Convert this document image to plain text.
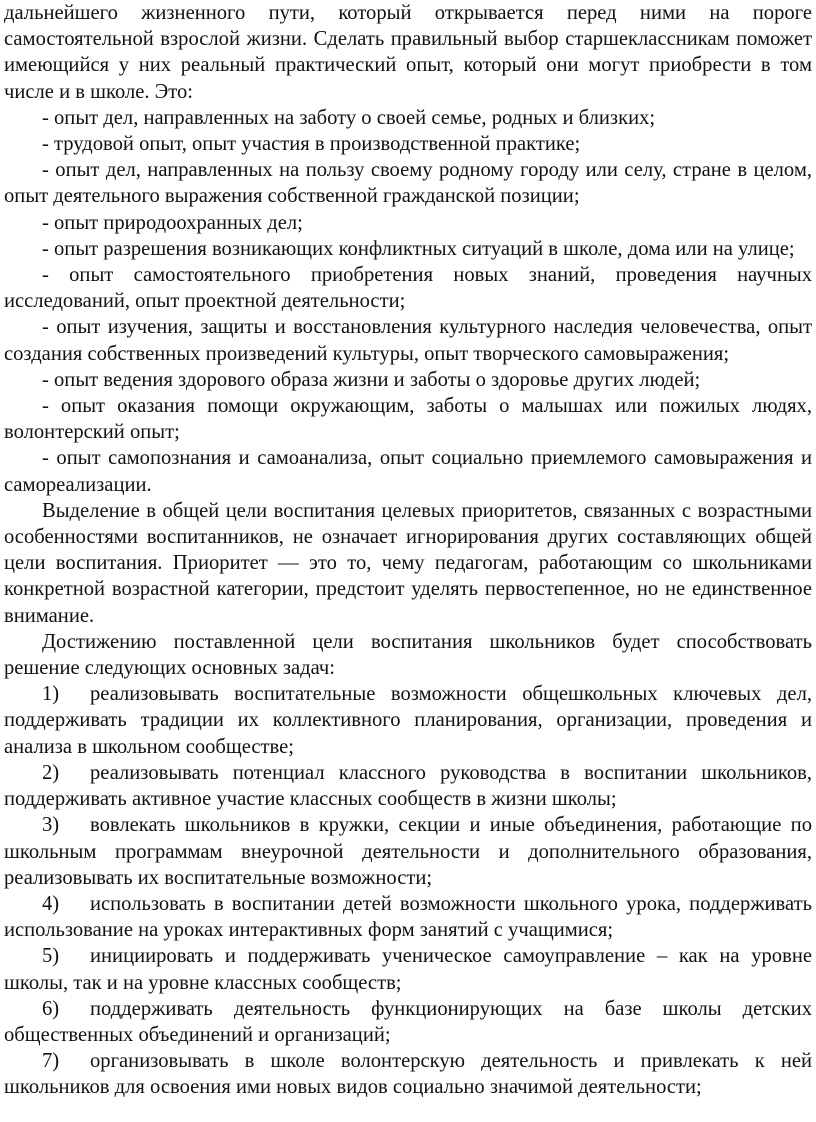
дальнейшего жизненного пути, который открывается перед ними на пороге самостоятельной взрослой жизни. Сделать правильный выбор старшеклассникам поможет имеющийся у них реальный практический опыт, который они могут приобрести в том числе и в школе. Это:

- опыт дел, направленных на заботу о своей семье, родных и близких;

- трудовой опыт, опыт участия в производственной практике;

- опыт дел, направленных на пользу своему родному городу или селу, стране в целом, опыт деятельного выражения собственной гражданской позиции;

- опыт природоохранных дел;

- опыт разрешения возникающих конфликтных ситуаций в школе, дома или на улице;

- опыт самостоятельного приобретения новых знаний, проведения научных исследований, опыт проектной деятельности;

- опыт изучения, защиты и восстановления культурного наследия человечества, опыт создания собственных произведений культуры, опыт творческого самовыражения;

- опыт ведения здорового образа жизни и заботы о здоровье других людей;

- опыт оказания помощи окружающим, заботы о малышах или пожилых людях, волонтерский опыт;

- опыт самопознания и самоанализа, опыт социально приемлемого самовыражения и самореализации.

Выделение в общей цели воспитания целевых приоритетов, связанных с возрастными особенностями воспитанников, не означает игнорирования других составляющих общей цели воспитания. Приоритет — это то, чему педагогам, работающим со школьниками конкретной возрастной категории, предстоит уделять первостепенное, но не единственное внимание.

Достижению поставленной цели воспитания школьников будет способствовать решение следующих основных задач:

1) реализовывать воспитательные возможности общешкольных ключевых дел, поддерживать традиции их коллективного планирования, организации, проведения и анализа в школьном сообществе;

2) реализовывать потенциал классного руководства в воспитании школьников, поддерживать активное участие классных сообществ в жизни школы;

3) вовлекать школьников в кружки, секции и иные объединения, работающие по школьным программам внеурочной деятельности и дополнительного образования, реализовывать их воспитательные возможности;

4) использовать в воспитании детей возможности школьного урока, поддерживать использование на уроках интерактивных форм занятий с учащимися;

5) инициировать и поддерживать ученическое самоуправление – как на уровне школы, так и на уровне классных сообществ;

6) поддерживать деятельность функционирующих на базе школы детских общественных объединений и организаций;

7) организовывать в школе волонтерскую деятельность и привлекать к ней школьников для освоения ими новых видов социально значимой деятельности;
